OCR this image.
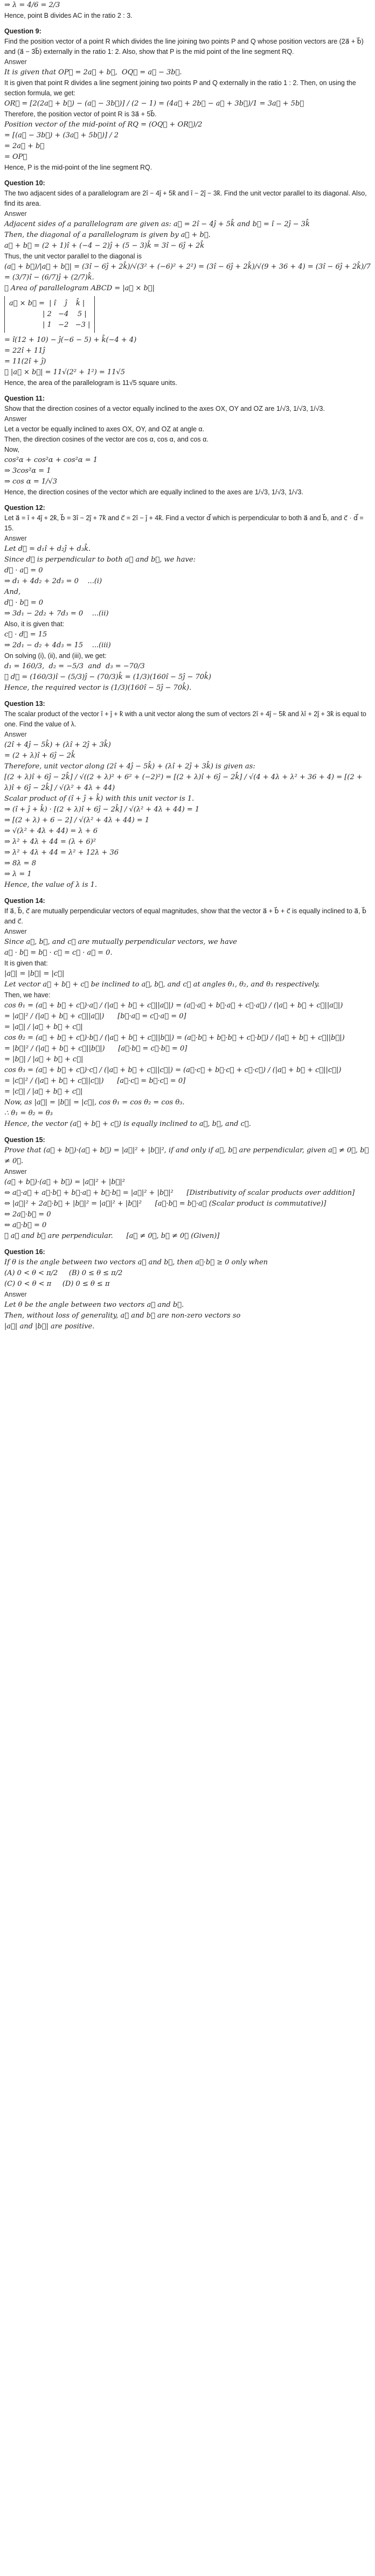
⇒ λ = 4/6 = 2/3

Hence, point B divides AC in the ratio 2 : 3.

Question 9:

Find the position vector of a point R which divides the line joining two points P and Q whose position vectors are (2a⃗ + b⃗) and (a⃗ − 3b⃗) externally in the ratio 1: 2. Also, show that P is the mid point of the line segment RQ.

Answer

It is given that OP⃗ = 2a⃗ + b⃗,  OQ⃗ = a⃗ − 3b⃗.

It is given that point R divides a line segment joining two points P and Q externally in the ratio 1 : 2. Then, on using the section formula, we get:

OR⃗ = [2(2a⃗ + b⃗) − (a⃗ − 3b⃗)] / (2 − 1) = (4a⃗ + 2b⃗ − a⃗ + 3b⃗)/1 = 3a⃗ + 5b⃗

Therefore, the position vector of point R is 3a⃗ + 5b⃗.

Position vector of the mid-point of RQ = (OQ⃗ + OR⃗)/2

= [(a⃗ − 3b⃗) + (3a⃗ + 5b⃗)] / 2

= 2a⃗ + b⃗

= OP⃗

Hence, P is the mid-point of the line segment RQ.

Question 10:

The two adjacent sides of a parallelogram are 2î − 4ĵ + 5k̂ and î − 2ĵ − 3k̂. Find the unit vector parallel to its diagonal. Also, find its area.

Answer

Adjacent sides of a parallelogram are given as: a⃗ = 2î − 4ĵ + 5k̂ and b⃗ = î − 2ĵ − 3k̂

Then, the diagonal of a parallelogram is given by a⃗ + b⃗.

a⃗ + b⃗ = (2 + 1)î + (−4 − 2)ĵ + (5 − 3)k̂ = 3î − 6ĵ + 2k̂

Thus, the unit vector parallel to the diagonal is

(a⃗ + b⃗)/|a⃗ + b⃗| = (3î − 6ĵ + 2k̂)/√(3² + (−6)² + 2²) = (3î − 6ĵ + 2k̂)/√(9 + 36 + 4) = (3î − 6ĵ + 2k̂)/7 = (3/7)î − (6/7)ĵ + (2/7)k̂.

∴ Area of parallelogram ABCD = |a⃗ × b⃗|

a⃗ × b⃗ =  | î    ĵ    k̂ |
| 2   −4    5 |
| 1   −2   −3 |

= î(12 + 10) − ĵ(−6 − 5) + k̂(−4 + 4)

= 22î + 11ĵ

= 11(2î + ĵ)

∴ |a⃗ × b⃗| = 11√(2² + 1²) = 11√5

Hence, the area of the parallelogram is 11√5 square units.

Question 11:

Show that the direction cosines of a vector equally inclined to the axes OX, OY and OZ are 1/√3, 1/√3, 1/√3.

Answer

Let a vector be equally inclined to axes OX, OY, and OZ at angle α.

Then, the direction cosines of the vector are cos α, cos α, and cos α.

Now,

cos²α + cos²α + cos²α = 1

⇒ 3cos²α = 1

⇒ cos α = 1/√3

Hence, the direction cosines of the vector which are equally inclined to the axes are 1/√3, 1/√3, 1/√3.

Question 12:

Let a⃗ = î + 4ĵ + 2k̂, b⃗ = 3î − 2ĵ + 7k̂ and c⃗ = 2î − ĵ + 4k̂. Find a vector d⃗ which is perpendicular to both a⃗ and b⃗, and c⃗ · d⃗ = 15.

Answer

Let d⃗ = d₁î + d₂ĵ + d₃k̂.

Since d⃗ is perpendicular to both a⃗ and b⃗, we have:

d⃗ · a⃗ = 0

⇒ d₁ + 4d₂ + 2d₃ = 0    ...(i)

And,

d⃗ · b⃗ = 0

⇒ 3d₁ − 2d₂ + 7d₃ = 0    ...(ii)

Also, it is given that:

c⃗ · d⃗ = 15

⇒ 2d₁ − d₂ + 4d₃ = 15    ...(iii)

On solving (i), (ii), and (iii), we get:

d₁ = 160/3,  d₂ = −5/3  and  d₃ = −70/3

∴ d⃗ = (160/3)î − (5/3)ĵ − (70/3)k̂ = (1/3)(160î − 5ĵ − 70k̂)

Hence, the required vector is (1/3)(160î − 5ĵ − 70k̂).

Question 13:

The scalar product of the vector î + ĵ + k̂ with a unit vector along the sum of vectors 2î + 4ĵ − 5k̂ and λî + 2ĵ + 3k̂ is equal to one. Find the value of λ.

Answer

(2î + 4ĵ − 5k̂) + (λî + 2ĵ + 3k̂)

= (2 + λ)î + 6ĵ − 2k̂

Therefore, unit vector along (2î + 4ĵ − 5k̂) + (λî + 2ĵ + 3k̂) is given as:

[(2 + λ)î + 6ĵ − 2k̂] / √((2 + λ)² + 6² + (−2)²) = [(2 + λ)î + 6ĵ − 2k̂] / √(4 + 4λ + λ² + 36 + 4) = [(2 + λ)î + 6ĵ − 2k̂] / √(λ² + 4λ + 44)

Scalar product of (î + ĵ + k̂) with this unit vector is 1.

⇒ (î + ĵ + k̂) · [(2 + λ)î + 6ĵ − 2k̂] / √(λ² + 4λ + 44) = 1

⇒ [(2 + λ) + 6 − 2] / √(λ² + 4λ + 44) = 1

⇒ √(λ² + 4λ + 44) = λ + 6

⇒ λ² + 4λ + 44 = (λ + 6)²

⇒ λ² + 4λ + 44 = λ² + 12λ + 36

⇒ 8λ = 8

⇒ λ = 1

Hence, the value of λ is 1.

Question 14:

If a⃗, b⃗, c⃗ are mutually perpendicular vectors of equal magnitudes, show that the vector a⃗ + b⃗ + c⃗ is equally inclined to a⃗, b⃗ and c⃗.

Answer

Since a⃗, b⃗, and c⃗ are mutually perpendicular vectors, we have

a⃗ · b⃗ = b⃗ · c⃗ = c⃗ · a⃗ = 0.

It is given that:

|a⃗| = |b⃗| = |c⃗|

Let vector a⃗ + b⃗ + c⃗ be inclined to a⃗, b⃗, and c⃗ at angles θ₁, θ₂, and θ₃ respectively.

Then, we have:

cos θ₁ = (a⃗ + b⃗ + c⃗)·a⃗ / (|a⃗ + b⃗ + c⃗||a⃗|) = (a⃗·a⃗ + b⃗·a⃗ + c⃗·a⃗) / (|a⃗ + b⃗ + c⃗||a⃗|)

= |a⃗|² / (|a⃗ + b⃗ + c⃗||a⃗|)      [b⃗·a⃗ = c⃗·a⃗ = 0]

= |a⃗| / |a⃗ + b⃗ + c⃗|

cos θ₂ = (a⃗ + b⃗ + c⃗)·b⃗ / (|a⃗ + b⃗ + c⃗||b⃗|) = (a⃗·b⃗ + b⃗·b⃗ + c⃗·b⃗) / (|a⃗ + b⃗ + c⃗||b⃗|)

= |b⃗|² / (|a⃗ + b⃗ + c⃗||b⃗|)      [a⃗·b⃗ = c⃗·b⃗ = 0]

= |b⃗| / |a⃗ + b⃗ + c⃗|

cos θ₃ = (a⃗ + b⃗ + c⃗)·c⃗ / (|a⃗ + b⃗ + c⃗||c⃗|) = (a⃗·c⃗ + b⃗·c⃗ + c⃗·c⃗) / (|a⃗ + b⃗ + c⃗||c⃗|)

= |c⃗|² / (|a⃗ + b⃗ + c⃗||c⃗|)      [a⃗·c⃗ = b⃗·c⃗ = 0]

= |c⃗| / |a⃗ + b⃗ + c⃗|

Now, as |a⃗| = |b⃗| = |c⃗|, cos θ₁ = cos θ₂ = cos θ₃.

∴ θ₁ = θ₂ = θ₃

Hence, the vector (a⃗ + b⃗ + c⃗) is equally inclined to a⃗, b⃗, and c⃗.

Question 15:

Prove that (a⃗ + b⃗)·(a⃗ + b⃗) = |a⃗|² + |b⃗|², if and only if a⃗, b⃗ are perpendicular, given a⃗ ≠ 0⃗, b⃗ ≠ 0⃗.

Answer

(a⃗ + b⃗)·(a⃗ + b⃗) = |a⃗|² + |b⃗|²

⇔ a⃗·a⃗ + a⃗·b⃗ + b⃗·a⃗ + b⃗·b⃗ = |a⃗|² + |b⃗|²      [Distributivity of scalar products over addition]

⇔ |a⃗|² + 2a⃗·b⃗ + |b⃗|² = |a⃗|² + |b⃗|²      [a⃗·b⃗ = b⃗·a⃗ (Scalar product is commutative)]

⇔ 2a⃗·b⃗ = 0

⇔ a⃗·b⃗ = 0

∴ a⃗ and b⃗ are perpendicular.      [a⃗ ≠ 0⃗, b⃗ ≠ 0⃗ (Given)]

Question 16:

If θ is the angle between two vectors a⃗ and b⃗, then a⃗·b⃗ ≥ 0 only when

(A) 0 < θ < π/2     (B) 0 ≤ θ ≤ π/2

(C) 0 < θ < π     (D) 0 ≤ θ ≤ π

Answer

Let θ be the angle between two vectors a⃗ and b⃗.

Then, without loss of generality, a⃗ and b⃗ are non-zero vectors so

|a⃗| and |b⃗| are positive.
